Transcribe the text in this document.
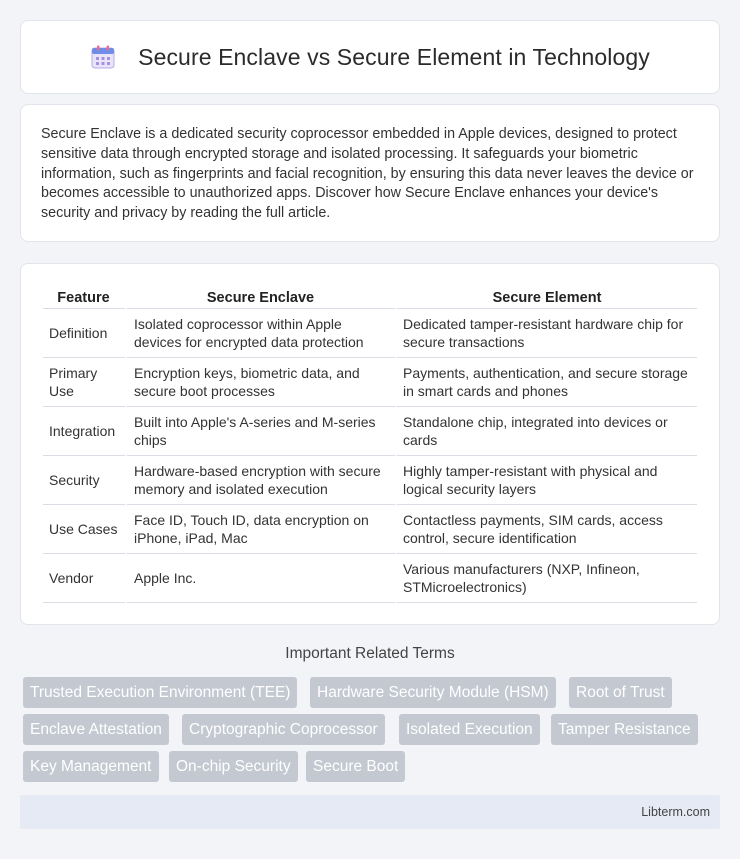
Secure Enclave vs Secure Element in Technology

Secure Enclave is a dedicated security coprocessor embedded in Apple devices, designed to protect sensitive data through encrypted storage and isolated processing. It safeguards your biometric information, such as fingerprints and facial recognition, by ensuring this data never leaves the device or becomes accessible to unauthorized apps. Discover how Secure Enclave enhances your device's security and privacy by reading the full article.

Feature	Secure Enclave	Secure Element
Definition	Isolated coprocessor within Apple devices for encrypted data protection	Dedicated tamper-resistant hardware chip for secure transactions
Primary Use	Encryption keys, biometric data, and secure boot processes	Payments, authentication, and secure storage in smart cards and phones
Integration	Built into Apple's A-series and M-series chips	Standalone chip, integrated into devices or cards
Security	Hardware-based encryption with secure memory and isolated execution	Highly tamper-resistant with physical and logical security layers
Use Cases	Face ID, Touch ID, data encryption on iPhone, iPad, Mac	Contactless payments, SIM cards, access control, secure identification
Vendor	Apple Inc.	Various manufacturers (NXP, Infineon, STMicroelectronics)
Important Related Terms
Trusted Execution Environment (TEE)	Hardware Security Module (HSM)	Root of Trust
Enclave Attestation	Cryptographic Coprocessor	Isolated Execution	Tamper Resistance
Key Management	On-chip Security	Secure Boot
Libterm.com
